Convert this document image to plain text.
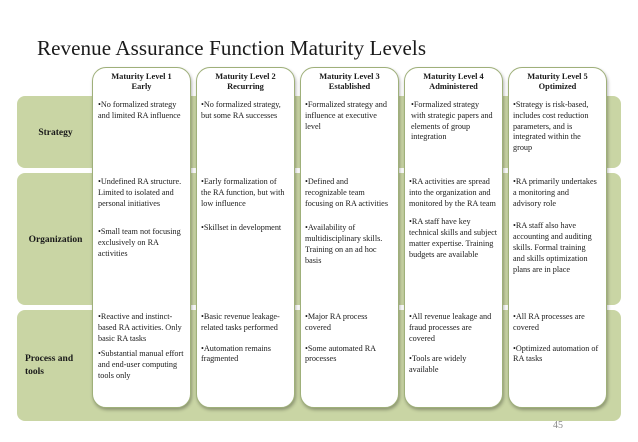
Revenue Assurance Function Maturity Levels
Strategy
Organization
Process and tools
Maturity Level 1
Early

•No formalized strategy and limited RA influence

•Undefined RA structure. Limited to isolated and personal initiatives

•Small team not focusing exclusively on RA activities

•Reactive and instinct-based RA activities. Only basic RA tasks

•Substantial manual effort and end-user computing tools only

Maturity Level 2
Recurring

•No formalized strategy, but some RA successes

•Early formalization of the RA function, but with low influence

•Skillset in development

•Basic revenue leakage-related tasks performed

•Automation remains fragmented

Maturity Level 3
Established

•Formalized strategy and influence at executive level

•Defined and recognizable team focusing on RA activities

•Availability of multidisciplinary skills. Training on an ad hoc basis

•Major RA process covered

•Some automated RA processes

Maturity Level 4
Administered

•Formalized strategy with strategic papers and elements of group integration

•RA activities are spread into the organization and monitored by the RA team

•RA staff have key technical skills and subject matter expertise. Training budgets are available

•All revenue leakage and fraud processes are covered

•Tools are widely available

Maturity Level 5
Optimized

•Strategy is risk-based, includes cost reduction parameters, and is integrated within the group

•RA primarily undertakes a monitoring and advisory role

•RA staff also have accounting and auditing skills. Formal training and skills optimization plans are in place

•All RA processes are covered

•Optimized automation of RA tasks

45
